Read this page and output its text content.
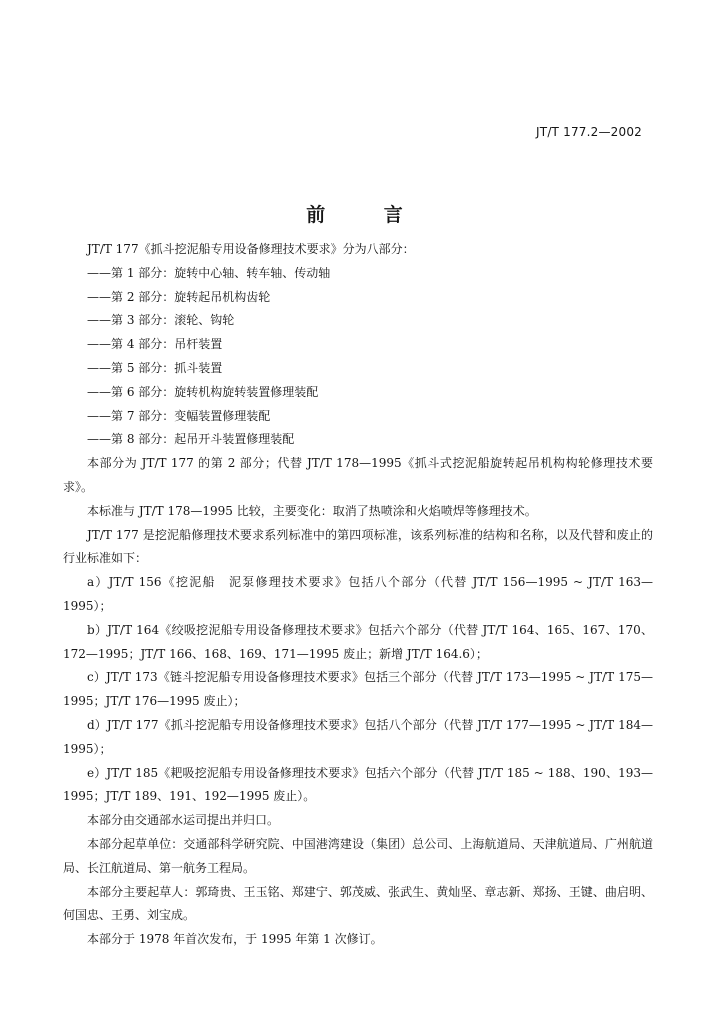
JT/T 177.2—2002
前 言

JT/T 177《抓斗挖泥船专用设备修理技术要求》分为八部分：

——第 1 部分：旋转中心轴、转车轴、传动轴

——第 2 部分：旋转起吊机构齿轮

——第 3 部分：滚轮、钩轮

——第 4 部分：吊杆装置

——第 5 部分：抓斗装置

——第 6 部分：旋转机构旋转装置修理装配

——第 7 部分：变幅装置修理装配

——第 8 部分：起吊开斗装置修理装配

本部分为 JT/T 177 的第 2 部分；代替 JT/T 178—1995《抓斗式挖泥船旋转起吊机构构轮修理技术要求》。

本标准与 JT/T 178—1995 比较，主要变化：取消了热喷涂和火焰喷焊等修理技术。

JT/T 177 是挖泥船修理技术要求系列标准中的第四项标准，该系列标准的结构和名称，以及代替和废止的行业标准如下：

a）JT/T 156《挖泥船　泥泵修理技术要求》包括八个部分（代替 JT/T 156—1995 ~ JT/T 163—1995）；

b）JT/T 164《绞吸挖泥船专用设备修理技术要求》包括六个部分（代替 JT/T 164、165、167、170、172—1995；JT/T 166、168、169、171—1995 废止；新增 JT/T 164.6）；

c）JT/T 173《链斗挖泥船专用设备修理技术要求》包括三个部分（代替 JT/T 173—1995 ~ JT/T 175—1995；JT/T 176—1995 废止）；

d）JT/T 177《抓斗挖泥船专用设备修理技术要求》包括八个部分（代替 JT/T 177—1995 ~ JT/T 184—1995）；

e）JT/T 185《耙吸挖泥船专用设备修理技术要求》包括六个部分（代替 JT/T 185 ~ 188、190、193—1995；JT/T 189、191、192—1995 废止）。

本部分由交通部水运司提出并归口。

本部分起草单位：交通部科学研究院、中国港湾建设（集团）总公司、上海航道局、天津航道局、广州航道局、长江航道局、第一航务工程局。

本部分主要起草人：郭琦贵、王玉铭、郑建宁、郭茂威、张武生、黄灿坚、章志新、郑扬、王键、曲启明、何国忠、王勇、刘宝成。

本部分于 1978 年首次发布，于 1995 年第 1 次修订。
